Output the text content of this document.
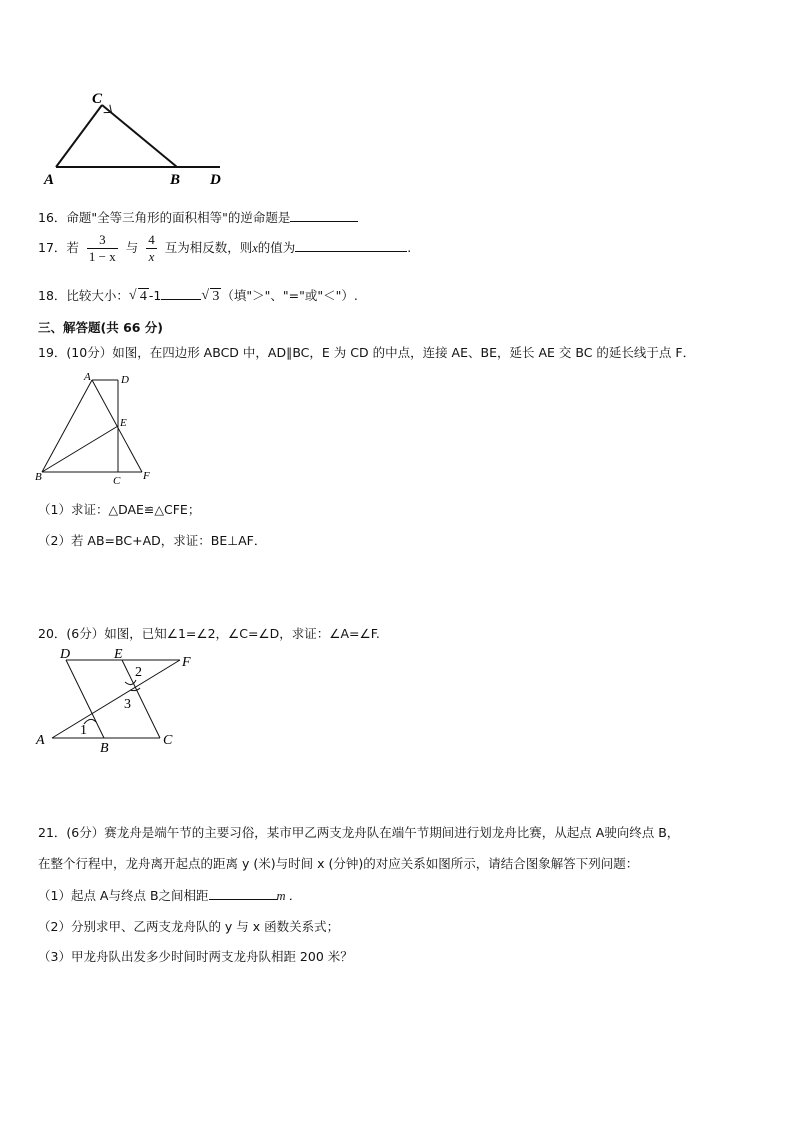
C
A	B D
16．命题"全等三角形的面积相等"的逆命题是
17．若 $\frac{3}{1 - x}$ 与 $\frac{4}{x}$ 互为相反数，则x的值为	.
18．比较大小： √ 4 -1	√ 3 （填"＞"、"="或"＜"）.
三、解答题(共 66 分)
19．(10分）如图，在四边形 ABCD 中，AD∥BC，E 为 CD 的中点，连接 AE、BE，延长 AE 交 BC 的延长线于点 F．
A	D
E
B	C F
（1）求证：△DAE≌△CFE；
（2）若 AB=BC+AD，求证：BE⊥AF．
20．(6分）如图，已知∠1=∠2，∠C=∠D，求证：∠A=∠F.
D	E
F
A
B
C
1
2
3
21．(6分）赛龙舟是端午节的主要习俗，某市甲乙两支龙舟队在端午节期间进行划龙舟比赛，从起点 A驶向终点 B，
在整个行程中，龙舟离开起点的距离 y (米)与时间 x (分钟)的对应关系如图所示，请结合图象解答下列问题：
（1）起点 A与终点 B之间相距	m ．
（2）分别求甲、乙两支龙舟队的 y 与 x 函数关系式；
（3）甲龙舟队出发多少时间时两支龙舟队相距 200 米？
